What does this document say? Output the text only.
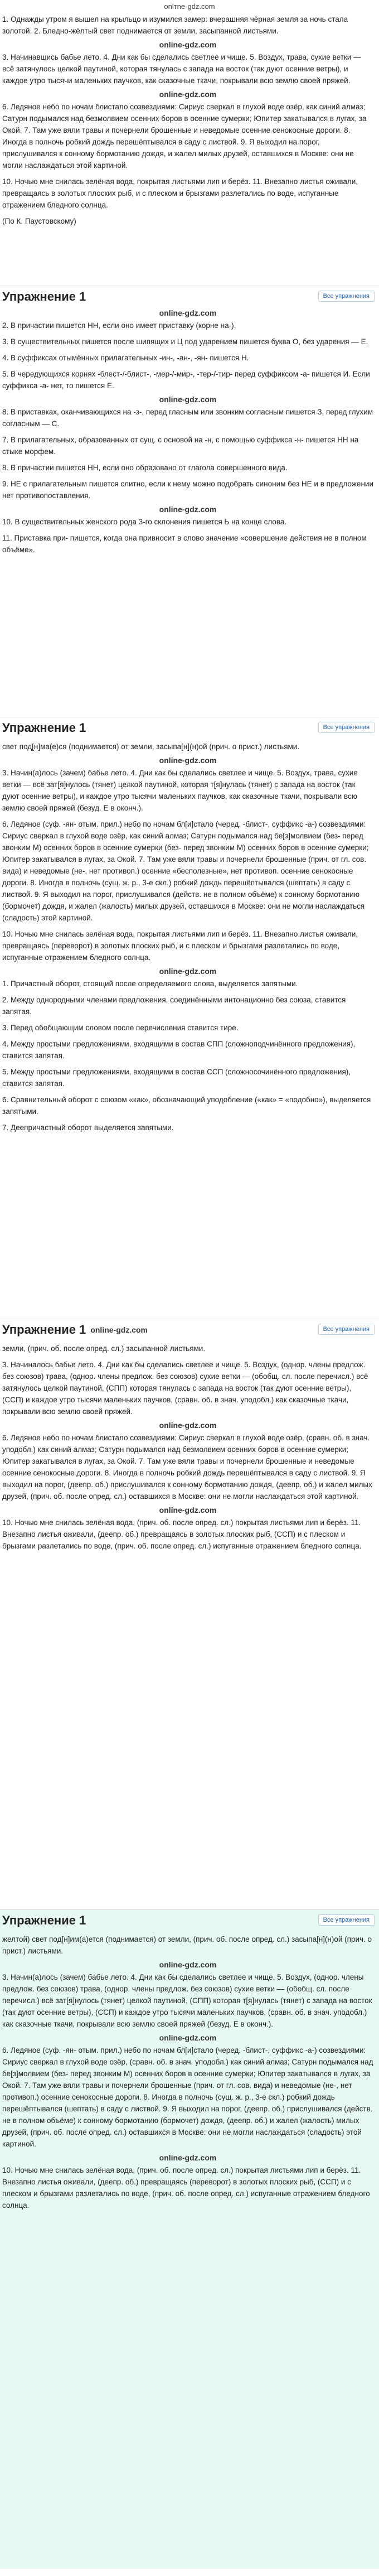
onlтne-gdz.com

1. Однажды утром я вышел на крыльцо и изумился замер: вчерашняя чёрная земля за ночь стала золотой. 2. Бледно-жёлтый свет поднимается от земли, засыпанной листьями.

online-gdz.com

3. Начинавшись бабье лето. 4. Дни как бы сделались светлее и чище. 5. Воздух, трава, сухие ветки — всё затянулось целкой паутиной, которая тянулась с запада на восток (так дуют осенние ветры), и каждое утро тысячи маленьких паучков, как сказочные ткачи, покрывали всю землю своей пряжей.

online-gdz.com

6. Ледяное небо по ночам блистало созвездиями: Сириус сверкал в глухой воде озёр, как синий алмаз; Сатурн подымался над безмолвием осенних боров в осенние сумерки; Юпитер закатывался в лугах, за Окой. 7. Там уже вяли травы и почернели брошенные и неведомые осенние сенокосные дороги. 8. Иногда в полночь робкий дождь перешёптывался в саду с листвой. 9. Я выходил на порог, прислушивался к сонному бормотанию дождя, и жалел милых друзей, оставшихся в Москве: они не могли наслаждаться этой картиной.

10. Ночью мне снилась зелёная вода, покрытая листьями лип и берёз. 11. Внезапно листья оживали, превращаясь в золотых плоских рыб, и с плеском и брызгами разлетались по воде, испуганные отражением бледного солнца.

(По К. Паустовскому)

Упражнение 1	Все упражнения
online-gdz.com

2. В причастии пишется НН, если оно имеет приставку (корне на-).

3. В существительных пишется после шипящих и Ц под ударением пишется буква О, без ударения — Е.

4. В суффиксах отымённых прилагательных -ин-, -ан-, -ян- пишется Н.

5. В чередующихся корнях -блест-/-блист-, -мер-/-мир-, -тер-/-тир- перед суффиксом -а- пишется И. Если суффикса -а- нет, то пишется Е.

online-gdz.com

8. В приставках, оканчивающихся на -з-, перед гласным или звонким согласным пишется З, перед глухим согласным — С.

7. В прилагательных, образованных от сущ. с основой на -н, с помощью суффикса -н- пишется НН на стыке морфем.

8. В причастии пишется НН, если оно образовано от глагола совершенного вида.

9. НЕ с прилагательным пишется слитно, если к нему можно подобрать синоним без НЕ и в предложении нет противопоставления.

online-gdz.com

10. В существительных женского рода 3-го склонения пишется Ь на конце слова.

11. Приставка при- пишется, когда она привносит в слово значение «совершение действия не в полном объёме».

Упражнение 1	Все упражнения

свет под[н]ма(е)ся (поднимается) от земли, засыпа[н](н)ой (прич. о прист.) листьями.

online-gdz.com

3. Начин(а)лось (зачем) бабье лето. 4. Дни как бы сделались светлее и чище. 5. Воздух, трава, сухие ветки — всё зат[я]нулось (тянет) целкой паутиной, которая т[я]нулась (тянет) с запада на восток (так дуют осенние ветры), и каждое утро тысячи маленьких паучков, как сказочные ткачи, покрывали всю землю своей пряжей (безуд. Е в оконч.).

6. Ледяное (суф. -ян- отым. прил.) небо по ночам бл[и]стало (черед. -блист-, суффикс -а-) созвездиями: Сириус сверкал в глухой воде озёр, как синий алмаз; Сатурн подымался над бе[з]молвием (без- перед звонким М) осенних боров в осенние сумерки (без- перед звонким М) осенних боров в осенние сумерки; Юпитер закатывался в лугах, за Окой. 7. Там уже вяли травы и почернели брошенные (прич. от гл. сов. вида) и неведомые (не-, нет противоп.) осенние «бесполезные», нет противоп. осенние сенокосные дороги. 8. Иногда в полночь (сущ. ж. р., 3-е скл.) робкий дождь перешёптывался (шептать) в саду с листвой. 9. Я выходил на порог, прислушивался (действ. не в полном объёме) к сонному бормотанию (бормочет) дождя, и жалел (жалость) милых друзей, оставшихся в Москве: они не могли наслаждаться (сладость) этой картиной.

10. Ночью мне снилась зелёная вода, покрытая листьями лип и берёз. 11. Внезапно листья оживали, превращаясь (переворот) в золотых плоских рыб, и с плеском и брызгами разлетались по воде, испуганные отражением бледного солнца.

online-gdz.com

1. Причастный оборот, стоящий после определяемого слова, выделяется запятыми.

2. Между однородными членами предложения, соединёнными интонационно без союза, ставится запятая.

3. Перед обобщающим словом после перечисления ставится тире.

4. Между простыми предложениями, входящими в состав СПП (сложноподчинённого предложения), ставится запятая.

5. Между простыми предложениями, входящими в состав ССП (сложносочинённого предложения), ставится запятая.

6. Сравнительный оборот с союзом «как», обозначающий уподобление («как» = «подобно»), выделяется запятыми.

7. Деепричастный оборот выделяется запятыми.

Упражнение 1 online-gdz.com	Все упражнения

земли, (прич. об. после опред. сл.) засыпанной листьями.

3. Начиналось бабье лето. 4. Дни как бы сделались светлее и чище. 5. Воздух, (однор. члены предлож. без союзов) трава, (однор. члены предлож. без союзов) сухие ветки — (обобщ. сл. после перечисл.) всё затянулось целкой паутиной, (СПП) которая тянулась с запада на восток (так дуют осенние ветры), (ССП) и каждое утро тысячи маленьких паучков, (сравн. об. в знач. уподобл.) как сказочные ткачи, покрывали всю землю своей пряжей.

online-gdz.com

6. Ледяное небо по ночам блистало созвездиями: Сириус сверкал в глухой воде озёр, (сравн. об. в знач. уподобл.) как синий алмаз; Сатурн подымался над безмолвием осенних боров в осенние сумерки; Юпитер закатывался в лугах, за Окой. 7. Там уже вяли травы и почернели брошенные и неведомые осенние сенокосные дороги. 8. Иногда в полночь робкий дождь перешёптывался в саду с листвой. 9. Я выходил на порог, (деепр. об.) прислушивался к сонному бормотанию дождя, (деепр. об.) и жалел милых друзей, (прич. об. после опред. сл.) оставшихся в Москве: они не могли наслаждаться этой картиной.

online-gdz.com

10. Ночью мне снилась зелёная вода, (прич. об. после опред. сл.) покрытая листьями лип и берёз. 11. Внезапно листья оживали, (деепр. об.) превращаясь в золотых плоских рыб, (ССП) и с плеском и брызгами разлетались по воде, (прич. об. после опред. сл.) испуганные отражением бледного солнца.

Упражнение 1	Все упражнения

желтой) свет под[н]им(а)ется (поднимается) от земли, (прич. об. после опред. сл.) засыпа[н](н)ой (прич. о прист.) листьями.

online-gdz.com

3. Начин(а)лось (зачем) бабье лето. 4. Дни как бы сделались светлее и чище. 5. Воздух, (однор. члены предлож. без союзов) трава, (однор. члены предлож. без союзов) сухие ветки — (обобщ. сл. после перечисл.) всё зат[я]нулось (тянет) целкой паутиной, (СПП) которая т[я]нулась (тянет) с запада на восток (так дуют осенние ветры), (ССП) и каждое утро тысячи маленьких паучков, (сравн. об. в знач. уподобл.) как сказочные ткачи, покрывали всю землю своей пряжей (безуд. Е в оконч.).

online-gdz.com

6. Ледяное (суф. -ян- отым. прил.) небо по ночам бл[и]стало (черед. -блист-, суффикс -а-) созвездиями: Сириус сверкал в глухой воде озёр, (сравн. об. в знач. уподобл.) как синий алмаз; Сатурн подымался над бе[з]молвием (без- перед звонким М) осенних боров в осенние сумерки; Юпитер закатывался в лугах, за Окой. 7. Там уже вяли травы и почернели брошенные (прич. от гл. сов. вида) и неведомые (не-, нет противоп.) осенние сенокосные дороги. 8. Иногда в полночь (сущ. ж. р., 3-е скл.) робкий дождь перешёптывался (шептать) в саду с листвой. 9. Я выходил на порог, (деепр. об.) прислушивался (действ. не в полном объёме) к сонному бормотанию (бормочет) дождя, (деепр. об.) и жалел (жалость) милых друзей, (прич. об. после опред. сл.) оставшихся в Москве: они не могли наслаждаться (сладость) этой картиной.

online-gdz.com

10. Ночью мне снилась зелёная вода, (прич. об. после опред. сл.) покрытая листьями лип и берёз. 11. Внезапно листья оживали, (деепр. об.) превращаясь (переворот) в золотых плоских рыб, (ССП) и с плеском и брызгами разлетались по воде, (прич. об. после опред. сл.) испуганные отражением бледного солнца.
